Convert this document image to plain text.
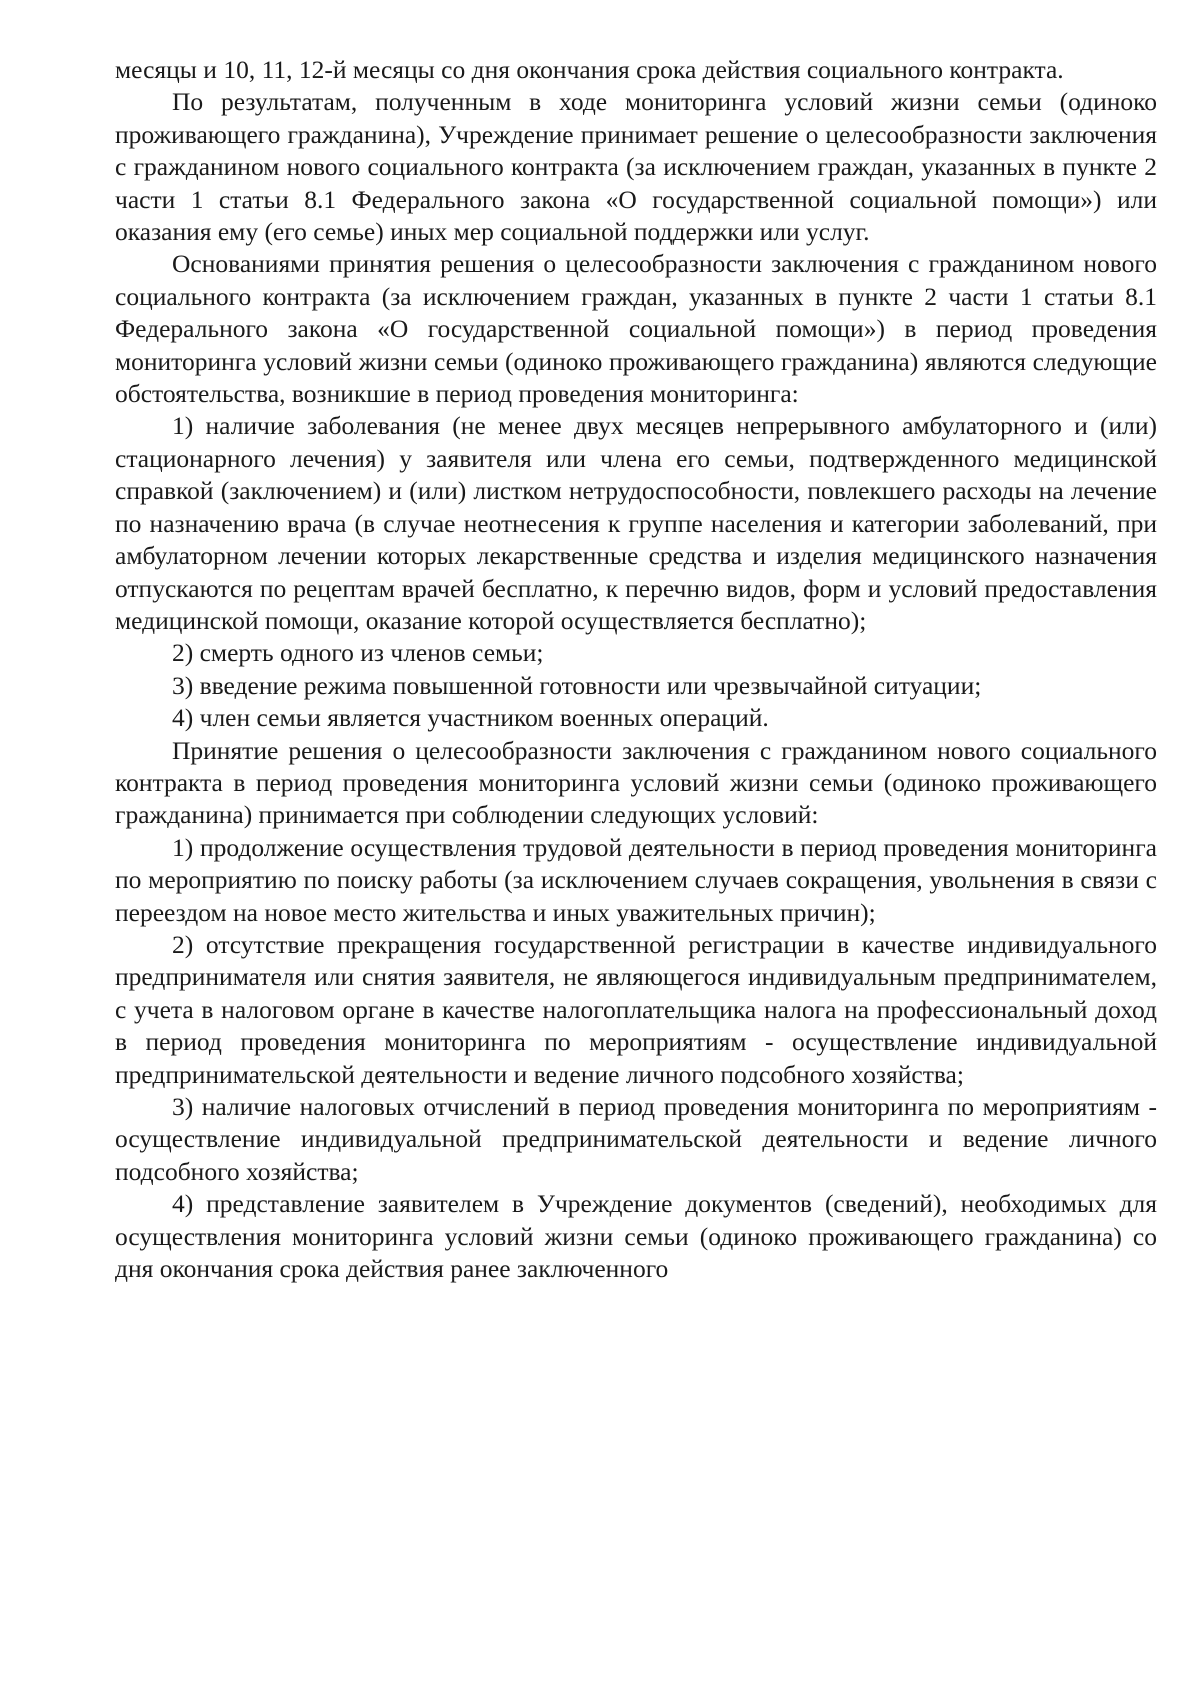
месяцы и 10, 11, 12-й месяцы со дня окончания срока действия социального контракта.

По результатам, полученным в ходе мониторинга условий жизни семьи (одиноко проживающего гражданина), Учреждение принимает решение о целесообразности заключения с гражданином нового социального контракта (за исключением граждан, указанных в пункте 2 части 1 статьи 8.1 Федерального закона «О государственной социальной помощи») или оказания ему (его семье) иных мер социальной поддержки или услуг.

Основаниями принятия решения о целесообразности заключения с гражданином нового социального контракта (за исключением граждан, указанных в пункте 2 части 1 статьи 8.1 Федерального закона «О государственной социальной помощи») в период проведения мониторинга условий жизни семьи (одиноко проживающего гражданина) являются следующие обстоятельства, возникшие в период проведения мониторинга:

1) наличие заболевания (не менее двух месяцев непрерывного амбулаторного и (или) стационарного лечения) у заявителя или члена его семьи, подтвержденного медицинской справкой (заключением) и (или) листком нетрудоспособности, повлекшего расходы на лечение по назначению врача (в случае неотнесения к группе населения и категории заболеваний, при амбулаторном лечении которых лекарственные средства и изделия медицинского назначения отпускаются по рецептам врачей бесплатно, к перечню видов, форм и условий предоставления медицинской помощи, оказание которой осуществляется бесплатно);

2) смерть одного из членов семьи;

3) введение режима повышенной готовности или чрезвычайной ситуации;

4) член семьи является участником военных операций.

Принятие решения о целесообразности заключения с гражданином нового социального контракта в период проведения мониторинга условий жизни семьи (одиноко проживающего гражданина) принимается при соблюдении следующих условий:

1) продолжение осуществления трудовой деятельности в период проведения мониторинга по мероприятию по поиску работы (за исключением случаев сокращения, увольнения в связи с переездом на новое место жительства и иных уважительных причин);

2) отсутствие прекращения государственной регистрации в качестве индивидуального предпринимателя или снятия заявителя, не являющегося индивидуальным предпринимателем, с учета в налоговом органе в качестве налогоплательщика налога на профессиональный доход в период проведения мониторинга по мероприятиям - осуществление индивидуальной предпринимательской деятельности и ведение личного подсобного хозяйства;

3) наличие налоговых отчислений в период проведения мониторинга по мероприятиям - осуществление индивидуальной предпринимательской деятельности и ведение личного подсобного хозяйства;

4) представление заявителем в Учреждение документов (сведений), необходимых для осуществления мониторинга условий жизни семьи (одиноко проживающего гражданина) со дня окончания срока действия ранее заключенного
